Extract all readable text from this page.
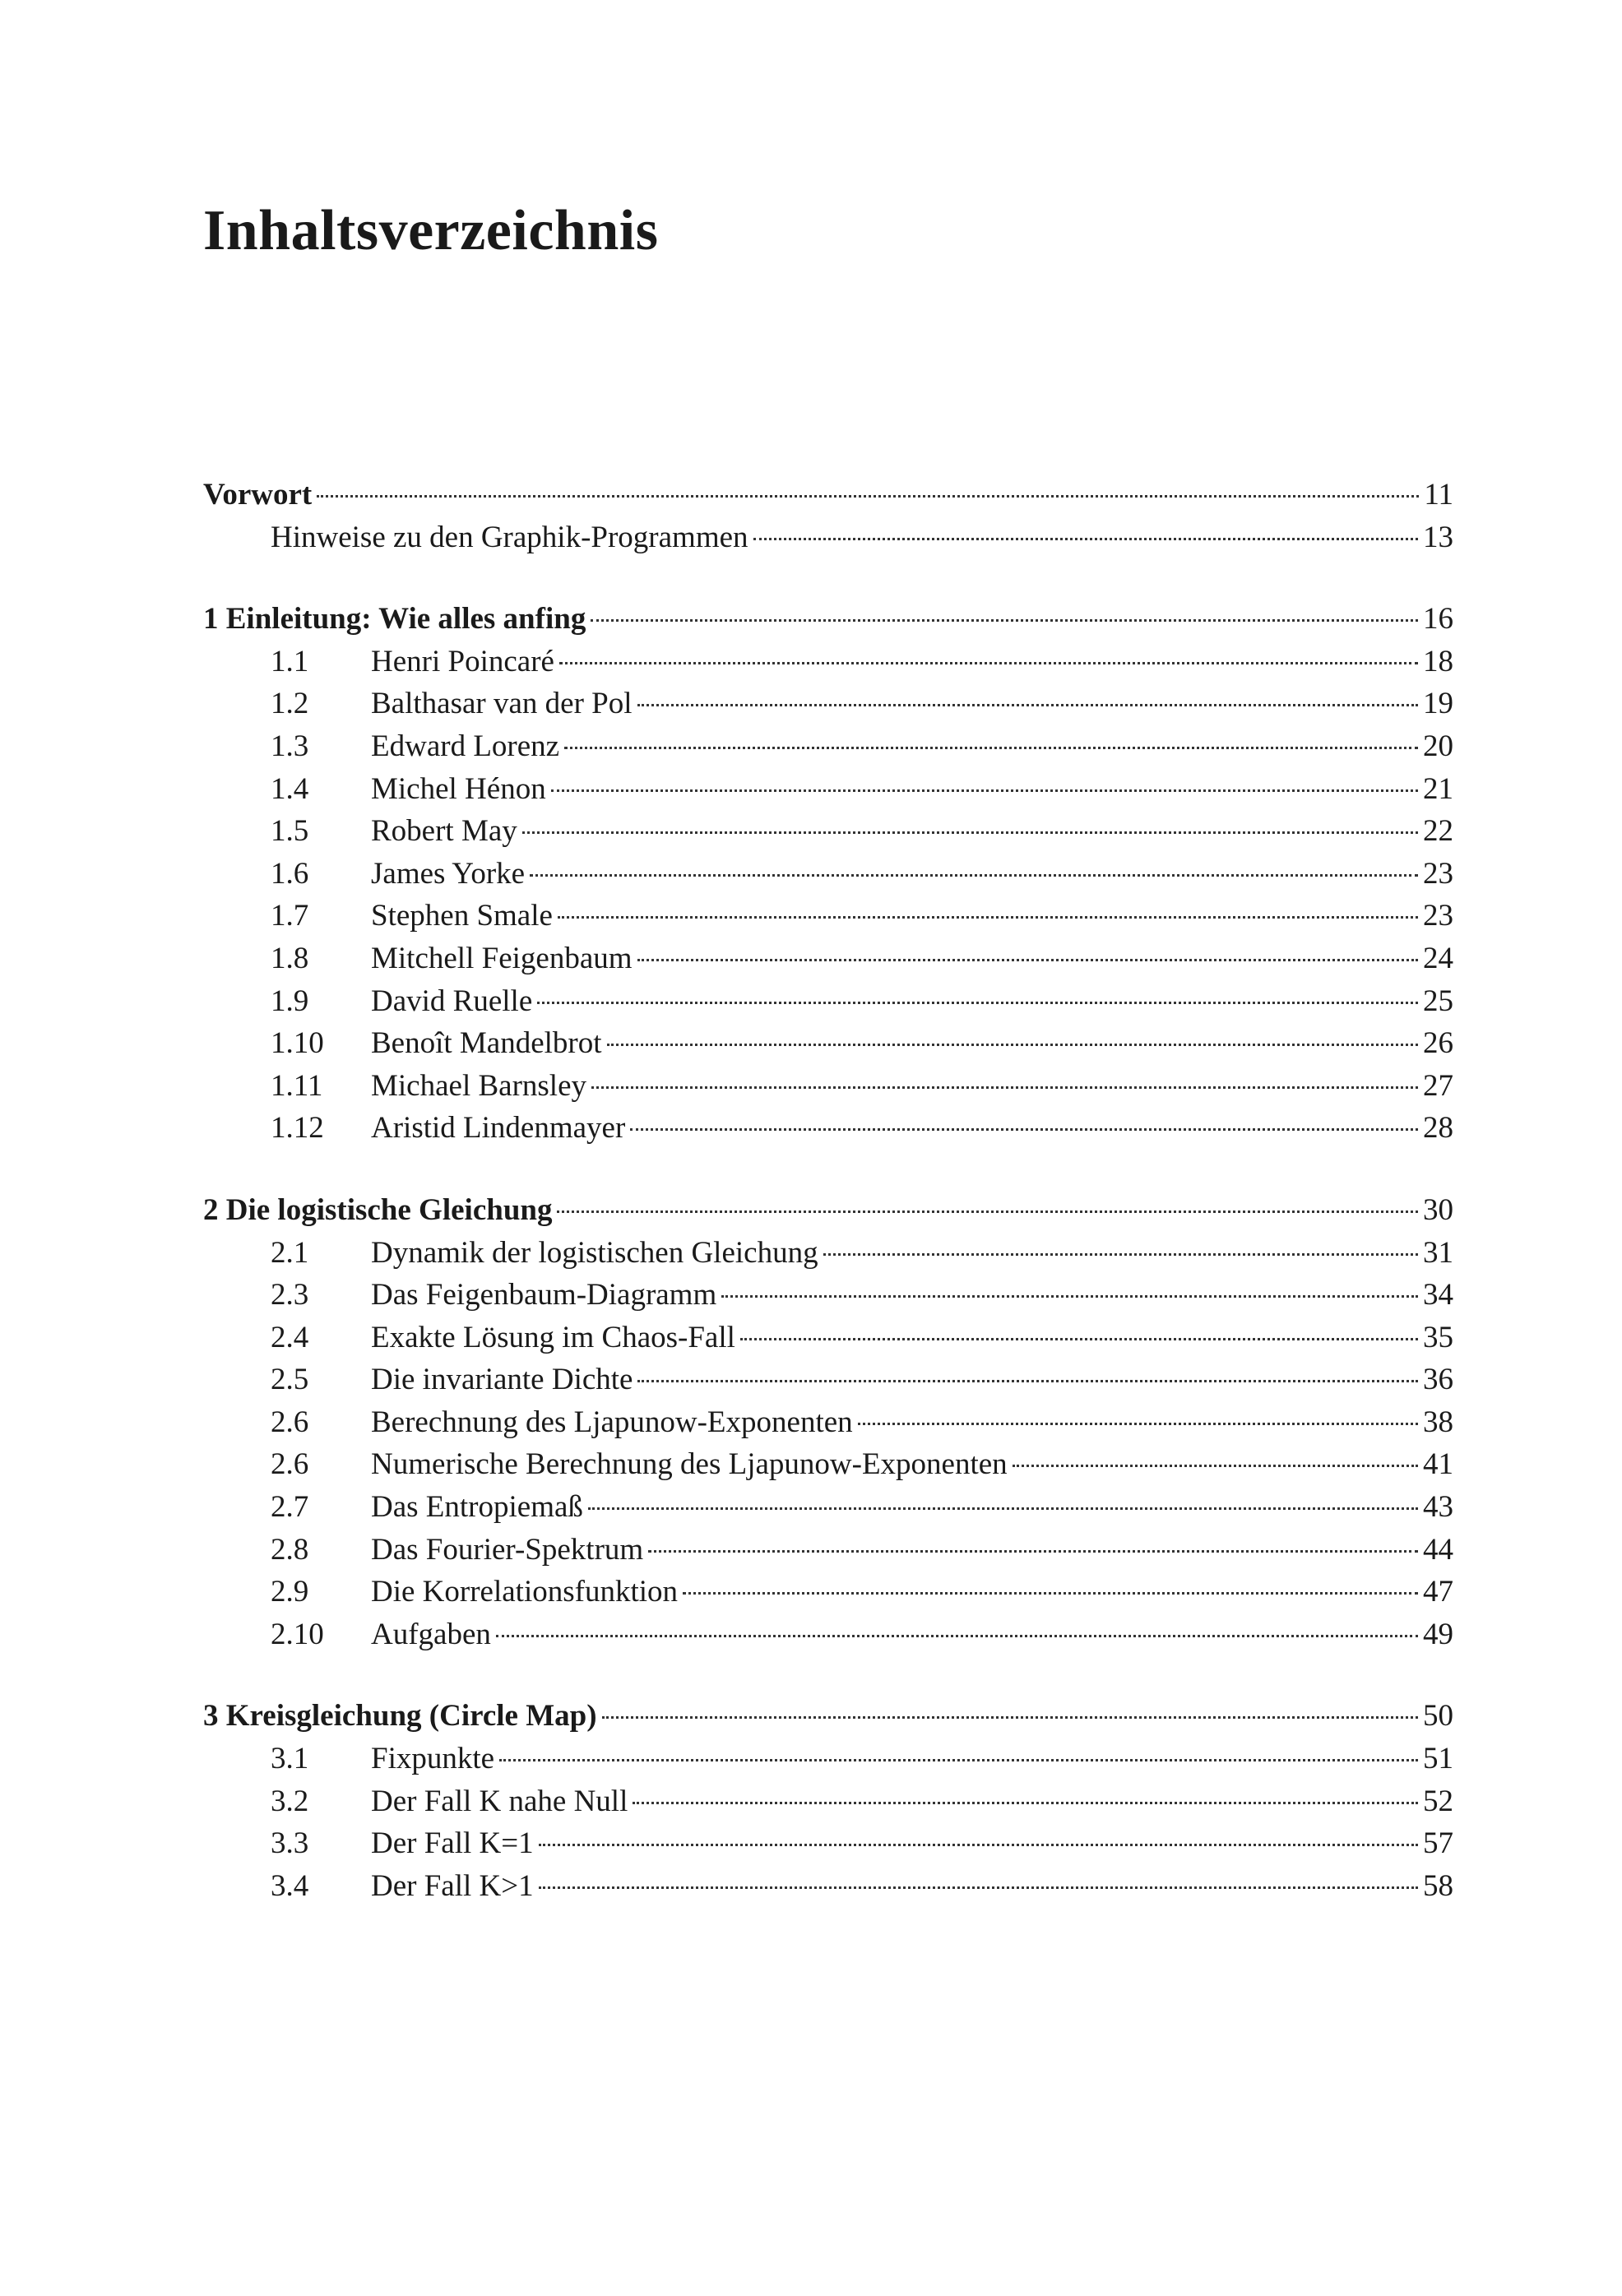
Inhaltsverzeichnis
Vorwort	11
Hinweise zu den Graphik-Programmen	13
1 Einleitung: Wie alles anfing	16
1.1	Henri Poincaré	18
1.2	Balthasar van der Pol	19
1.3	Edward Lorenz	20
1.4	Michel Hénon	21
1.5	Robert May	22
1.6	James Yorke	23
1.7	Stephen Smale	23
1.8	Mitchell Feigenbaum	24
1.9	David Ruelle	25
1.10	Benoît Mandelbrot	26
1.11	Michael Barnsley	27
1.12	Aristid Lindenmayer	28
2 Die logistische Gleichung	30
2.1	Dynamik der logistischen Gleichung	31
2.3	Das Feigenbaum-Diagramm	34
2.4	Exakte Lösung im Chaos-Fall	35
2.5	Die invariante Dichte	36
2.6	Berechnung des Ljapunow-Exponenten	38
2.6	Numerische Berechnung des Ljapunow-Exponenten	41
2.7	Das Entropiemaß	43
2.8	Das Fourier-Spektrum	44
2.9	Die Korrelationsfunktion	47
2.10	Aufgaben	49
3 Kreisgleichung (Circle Map)	50
3.1	Fixpunkte	51
3.2	Der Fall K nahe Null	52
3.3	Der Fall K=1	57
3.4	Der Fall K>1	58
